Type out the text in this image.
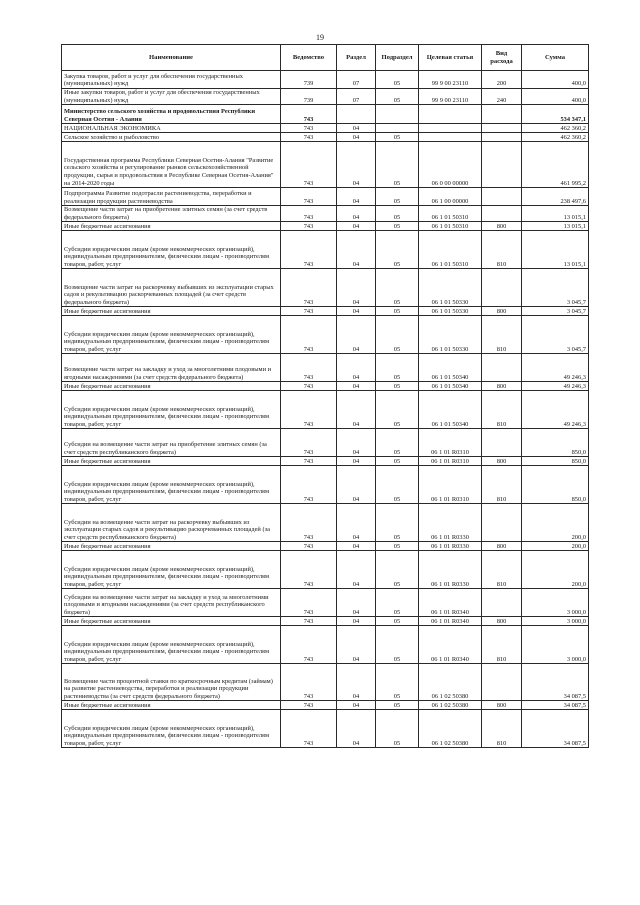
19
Наименование	Ведомство	Раздел	Подраздел	Целевая статья	Вид расхода	Сумма
Закупка товаров, работ и услуг для обеспечения государственных (муниципальных) нужд	739	07	05	99 9 00 23110	200	400,0
Иные закупки товаров, работ и услуг для обеспечения государственных (муниципальных) нужд	739	07	05	99 9 00 23110	240	400,0
Министерство сельского хозяйства и продовольствия Республики Северная Осетия - Алания	743					534 347,1
НАЦИОНАЛЬНАЯ ЭКОНОМИКА	743	04				462 360,2
Сельское хозяйство и рыболовство	743	04	05			462 360,2
Государственная программа Республики Северная Осетия-Алания "Развитие сельского хозяйства и регулирование рынков сельскохозяйственной продукции, сырья и продовольствия в Республике Северная Осетия-Алания" на 2014-2020 годы	743	04	05	06 0 00 00000		461 995,2
Подпрограмма Развитие подотрасли растениеводства, переработки и реализации продукции растениеводства	743	04	05	06 1 00 00000		238 497,6
Возмещение части затрат на приобретение элитных семян (за счет средств федерального бюджета)	743	04	05	06 1 01 50310		13 015,1
Иные бюджетные ассигнования	743	04	05	06 1 01 50310	800	13 015,1
Субсидии юридическим лицам (кроме некоммерческих организаций), индивидуальным предпринимателям, физическим лицам - производителям товаров, работ, услуг	743	04	05	06 1 01 50310	810	13 015,1
Возмещение части затрат на раскорчевку выбывших из эксплуатации старых садов и рекультивацию раскорчеванных площадей (за счет средств федерального бюджета)	743	04	05	06 1 01 50330		3 045,7
Иные бюджетные ассигнования	743	04	05	06 1 01 50330	800	3 045,7
Субсидии юридическим лицам (кроме некоммерческих организаций), индивидуальным предпринимателям, физическим лицам - производителям товаров, работ, услуг	743	04	05	06 1 01 50330	810	3 045,7
Возмещение части затрат на закладку и уход за многолетними плодовыми и ягодными насаждениями (за счет средств федерального бюджета)	743	04	05	06 1 01 50340		49 246,3
Иные бюджетные ассигнования	743	04	05	06 1 01 50340	800	49 246,3
Субсидии юридическим лицам (кроме некоммерческих организаций), индивидуальным предпринимателям, физическим лицам - производителям товаров, работ, услуг	743	04	05	06 1 01 50340	810	49 246,3
Субсидии на возмещение части затрат на приобретение элитных семян (за счет средств республиканского бюджета)	743	04	05	06 1 01 R0310		850,0
Иные бюджетные ассигнования	743	04	05	06 1 01 R0310	800	850,0
Субсидии юридическим лицам (кроме некоммерческих организаций), индивидуальным предпринимателям, физическим лицам - производителям товаров, работ, услуг	743	04	05	06 1 01 R0310	810	850,0
Субсидии на возмещение части затрат на раскорчевку выбывших из эксплуатации старых садов и рекультивацию раскорчеванных площадей (за счет средств республиканского бюджета)	743	04	05	06 1 01 R0330		200,0
Иные бюджетные ассигнования	743	04	05	06 1 01 R0330	800	200,0
Субсидии юридическим лицам (кроме некоммерческих организаций), индивидуальным предпринимателям, физическим лицам - производителям товаров, работ, услуг	743	04	05	06 1 01 R0330	810	200,0
Субсидии на возмещение части затрат на закладку и уход за многолетними плодовыми и ягодными насаждениями (за счет средств республиканского бюджета)	743	04	05	06 1 01 R0340		3 000,0
Иные бюджетные ассигнования	743	04	05	06 1 01 R0340	800	3 000,0
Субсидии юридическим лицам (кроме некоммерческих организаций), индивидуальным предпринимателям, физическим лицам - производителям товаров, работ, услуг	743	04	05	06 1 01 R0340	810	3 000,0
Возмещение части процентной ставки по краткосрочным кредитам (займам) на развитие растениеводства, переработки и реализации продукции растениеводства (за счет средств федерального бюджета)	743	04	05	06 1 02 50380		34 087,5
Иные бюджетные ассигнования	743	04	05	06 1 02 50380	800	34 087,5
Субсидии юридическим лицам (кроме некоммерческих организаций), индивидуальным предпринимателям, физическим лицам - производителям товаров, работ, услуг	743	04	05	06 1 02 50380	810	34 087,5
